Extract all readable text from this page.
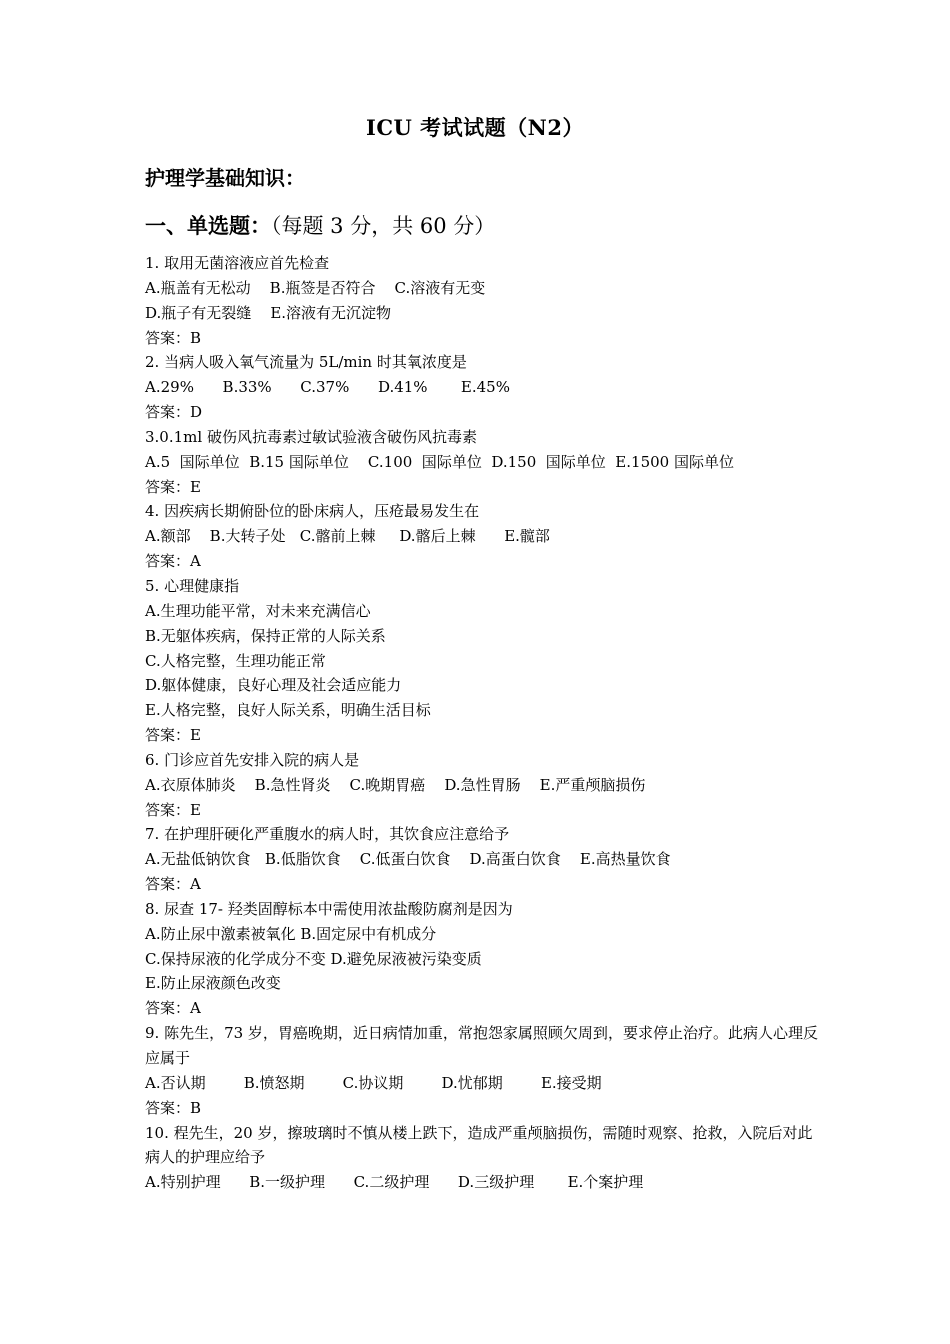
ICU 考试试题（N2）
护理学基础知识：
一、单选题：（每题 3 分，共 60 分）
1. 取用无菌溶液应首先检查
A.瓶盖有无松动    B.瓶签是否符合    C.溶液有无变
D.瓶子有无裂缝    E.溶液有无沉淀物
答案：B
2. 当病人吸入氧气流量为 5L/min 时其氧浓度是
A.29%      B.33%      C.37%      D.41%       E.45%
答案：D
3.0.1ml 破伤风抗毒素过敏试验液含破伤风抗毒素
A.5  国际单位  B.15 国际单位    C.100  国际单位  D.150  国际单位  E.1500 国际单位
答案：E
4. 因疾病长期俯卧位的卧床病人，压疮最易发生在
A.额部    B.大转子处   C.髂前上棘     D.髂后上棘      E.髋部
答案：A
5. 心理健康指
A.生理功能平常，对未来充满信心
B.无躯体疾病，保持正常的人际关系
C.人格完整，生理功能正常
D.躯体健康，良好心理及社会适应能力
E.人格完整，良好人际关系，明确生活目标
答案：E
6. 门诊应首先安排入院的病人是
A.衣原体肺炎    B.急性肾炎    C.晚期胃癌    D.急性胃肠    E.严重颅脑损伤
答案：E
7. 在护理肝硬化严重腹水的病人时，其饮食应注意给予
A.无盐低钠饮食   B.低脂饮食    C.低蛋白饮食    D.高蛋白饮食    E.高热量饮食
答案：A
8. 尿查 17- 羟类固醇标本中需使用浓盐酸防腐剂是因为
A.防止尿中激素被氧化 B.固定尿中有机成分
C.保持尿液的化学成分不变 D.避免尿液被污染变质
E.防止尿液颜色改变
答案：A
9. 陈先生，73 岁，胃癌晚期，近日病情加重，常抱怨家属照顾欠周到，要求停止治疗。此病人心理反应属于
A.否认期        B.愤怒期        C.协议期        D.忧郁期        E.接受期
答案：B
10. 程先生，20 岁，擦玻璃时不慎从楼上跌下，造成严重颅脑损伤，需随时观察、抢救，入院后对此病人的护理应给予
A.特别护理      B.一级护理      C.二级护理      D.三级护理       E.个案护理
